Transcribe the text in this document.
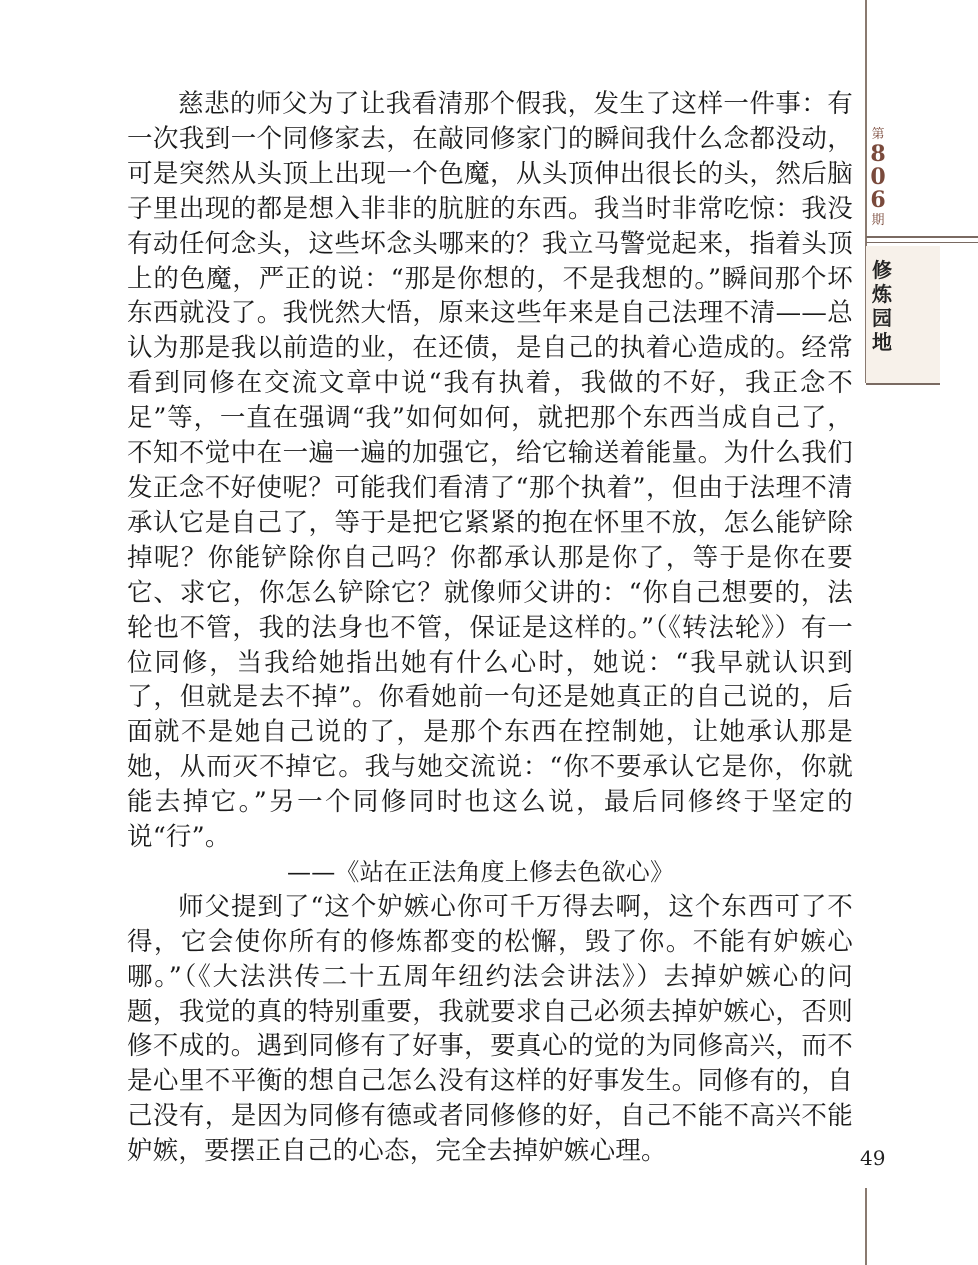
慈悲的师父为了让我看清那个假我，发生了这样一件事：有一次我到一个同修家去，在敲同修家门的瞬间我什么念都没动，可是突然从头顶上出现一个色魔，从头顶伸出很长的头，然后脑子里出现的都是想入非非的肮脏的东西。我当时非常吃惊：我没有动任何念头，这些坏念头哪来的？我立马警觉起来，指着头顶上的色魔，严正的说：“那是你想的，不是我想的。”瞬间那个坏东西就没了。我恍然大悟，原来这些年来是自己法理不清——总认为那是我以前造的业，在还债，是自己的执着心造成的。经常看到同修在交流文章中说“我有执着，我做的不好，我正念不足”等，一直在强调“我”如何如何，就把那个东西当成自己了，不知不觉中在一遍一遍的加强它，给它输送着能量。为什么我们发正念不好使呢？可能我们看清了“那个执着”，但由于法理不清承认它是自己了，等于是把它紧紧的抱在怀里不放，怎么能铲除掉呢？你能铲除你自己吗？你都承认那是你了，等于是你在要它、求它，你怎么铲除它？就像师父讲的：“你自己想要的，法轮也不管，我的法身也不管，保证是这样的。”（《转法轮》）有一位同修，当我给她指出她有什么心时，她说：“我早就认识到了，但就是去不掉”。你看她前一句还是她真正的自己说的，后面就不是她自己说的了，是那个东西在控制她，让她承认那是她，从而灭不掉它。我与她交流说：“你不要承认它是你，你就能去掉它。”另一个同修同时也这么说，最后同修终于坚定的说“行”。

——《站在正法角度上修去色欲心》

师父提到了“这个妒嫉心你可千万得去啊，这个东西可了不得，它会使你所有的修炼都变的松懈，毁了你。不能有妒嫉心哪。”（《大法洪传二十五周年纽约法会讲法》）去掉妒嫉心的问题，我觉的真的特别重要，我就要求自己必须去掉妒嫉心，否则修不成的。遇到同修有了好事，要真心的觉的为同修高兴，而不是心里不平衡的想自己怎么没有这样的好事发生。同修有的，自己没有，是因为同修有德或者同修修的好，自己不能不高兴不能妒嫉，要摆正自己的心态，完全去掉妒嫉心理。	49
第
8
0
6
期
修
炼
园
地
